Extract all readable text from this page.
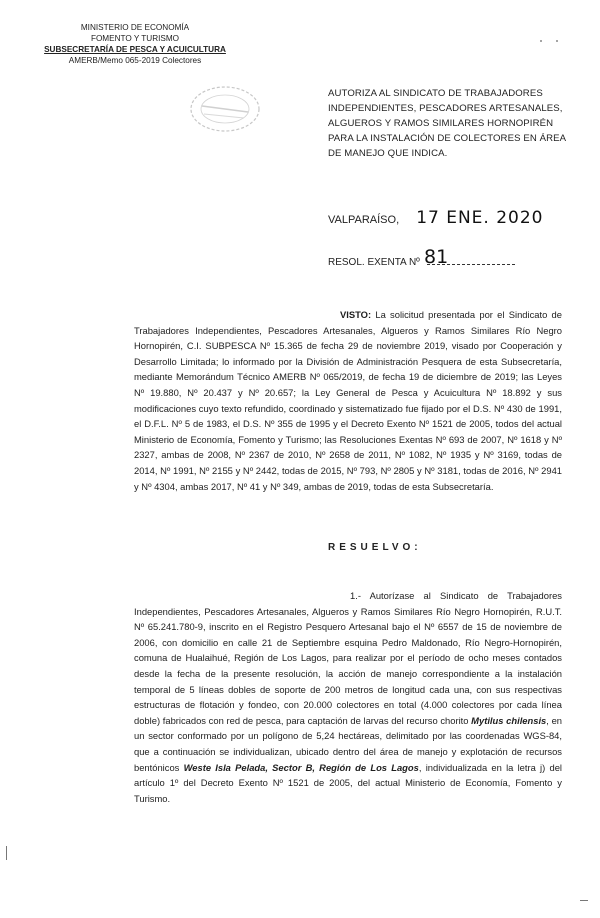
MINISTERIO DE ECONOMÍA
FOMENTO Y TURISMO
SUBSECRETARÍA DE PESCA Y ACUICULTURA
AMERB/Memo 065-2019 Colectores
AUTORIZA AL SINDICATO DE TRABAJADORES INDEPENDIENTES, PESCADORES ARTESANALES, ALGUEROS Y RAMOS SIMILARES HORNOPIRÉN PARA LA INSTALACIÓN DE COLECTORES EN ÁREA DE MANEJO QUE INDICA.
VALPARAÍSO, 17 ENE. 2020
RESOL. EXENTA Nº 81
VISTO: La solicitud presentada por el Sindicato de Trabajadores Independientes, Pescadores Artesanales, Algueros y Ramos Similares Río Negro Hornopirén, C.I. SUBPESCA Nº 15.365 de fecha 29 de noviembre 2019, visado por Cooperación y Desarrollo Limitada; lo informado por la División de Administración Pesquera de esta Subsecretaría, mediante Memorándum Técnico AMERB Nº 065/2019, de fecha 19 de diciembre de 2019; las Leyes Nº 19.880, Nº 20.437 y Nº 20.657; la Ley General de Pesca y Acuicultura Nº 18.892 y sus modificaciones cuyo texto refundido, coordinado y sistematizado fue fijado por el D.S. Nº 430 de 1991, el D.F.L. Nº 5 de 1983, el D.S. Nº 355 de 1995 y el Decreto Exento Nº 1521 de 2005, todos del actual Ministerio de Economía, Fomento y Turismo; las Resoluciones Exentas Nº 693 de 2007, Nº 1618 y Nº 2327, ambas de 2008, Nº 2367 de 2010, Nº 2658 de 2011, Nº 1082, Nº 1935 y Nº 3169, todas de 2014, Nº 1991, Nº 2155 y Nº 2442, todas de 2015, Nº 793, Nº 2805 y Nº 3181, todas de 2016, Nº 2941 y Nº 4304, ambas 2017, Nº 41 y Nº 349, ambas de 2019, todas de esta Subsecretaría.
RESUELVO:
1.- Autorízase al Sindicato de Trabajadores Independientes, Pescadores Artesanales, Algueros y Ramos Similares Río Negro Hornopirén, R.U.T. Nº 65.241.780-9, inscrito en el Registro Pesquero Artesanal bajo el Nº 6557 de 15 de noviembre de 2006, con domicilio en calle 21 de Septiembre esquina Pedro Maldonado, Río Negro-Hornopirén, comuna de Hualaihué, Región de Los Lagos, para realizar por el período de ocho meses contados desde la fecha de la presente resolución, la acción de manejo correspondiente a la instalación temporal de 5 líneas dobles de soporte de 200 metros de longitud cada una, con sus respectivas estructuras de flotación y fondeo, con 20.000 colectores en total (4.000 colectores por cada línea doble) fabricados con red de pesca, para captación de larvas del recurso chorito Mytilus chilensis, en un sector conformado por un polígono de 5,24 hectáreas, delimitado por las coordenadas WGS-84, que a continuación se individualizan, ubicado dentro del área de manejo y explotación de recursos bentónicos Weste Isla Pelada, Sector B, Región de Los Lagos, individualizada en la letra j) del artículo 1º del Decreto Exento Nº 1521 de 2005, del actual Ministerio de Economía, Fomento y Turismo.
